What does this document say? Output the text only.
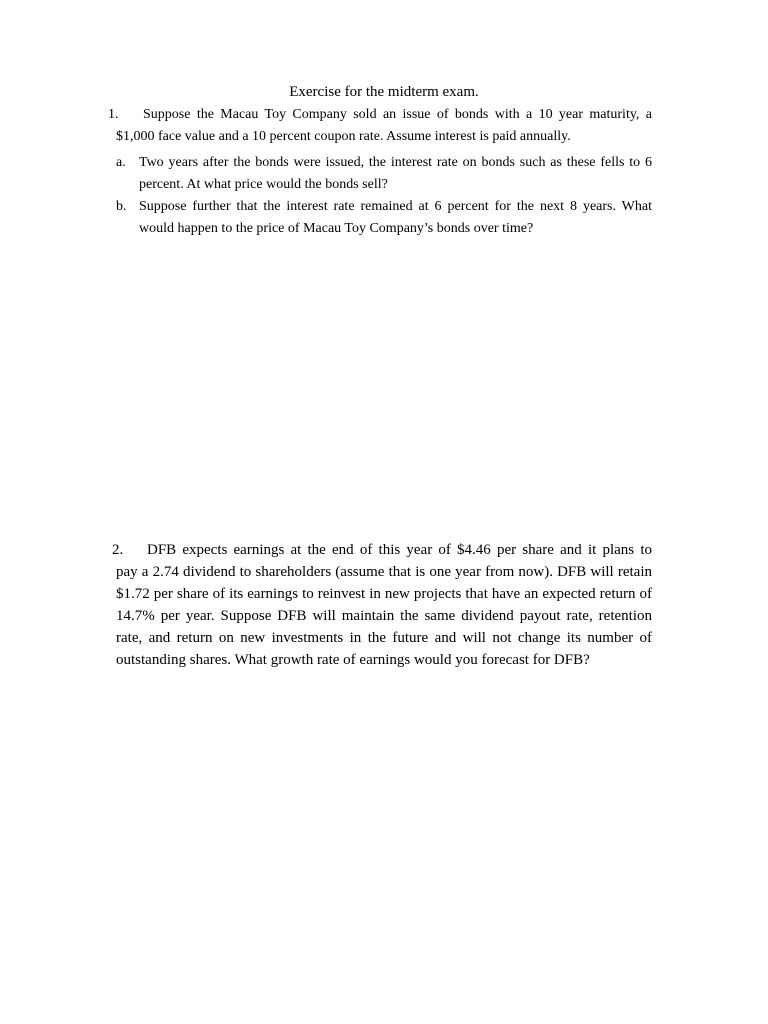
Exercise for the midterm exam.
1. Suppose the Macau Toy Company sold an issue of bonds with a 10 year maturity, a
$1,000 face value and a 10 percent coupon rate. Assume interest is paid annually.
a. Two years after the bonds were issued, the interest rate on bonds such as these fells to 6 percent. At what price would the bonds sell?
b. Suppose further that the interest rate remained at 6 percent for the next 8 years. What would happen to the price of Macau Toy Company’s bonds over time?
2. DFB expects earnings at the end of this year of $4.46 per share and it plans to
pay a 2.74 dividend to shareholders (assume that is one year from now). DFB will retain $1.72 per share of its earnings to reinvest in new projects that have an expected return of 14.7% per year. Suppose DFB will maintain the same dividend payout rate, retention rate, and return on new investments in the future and will not change its number of outstanding shares. What growth rate of earnings would you forecast for DFB?
